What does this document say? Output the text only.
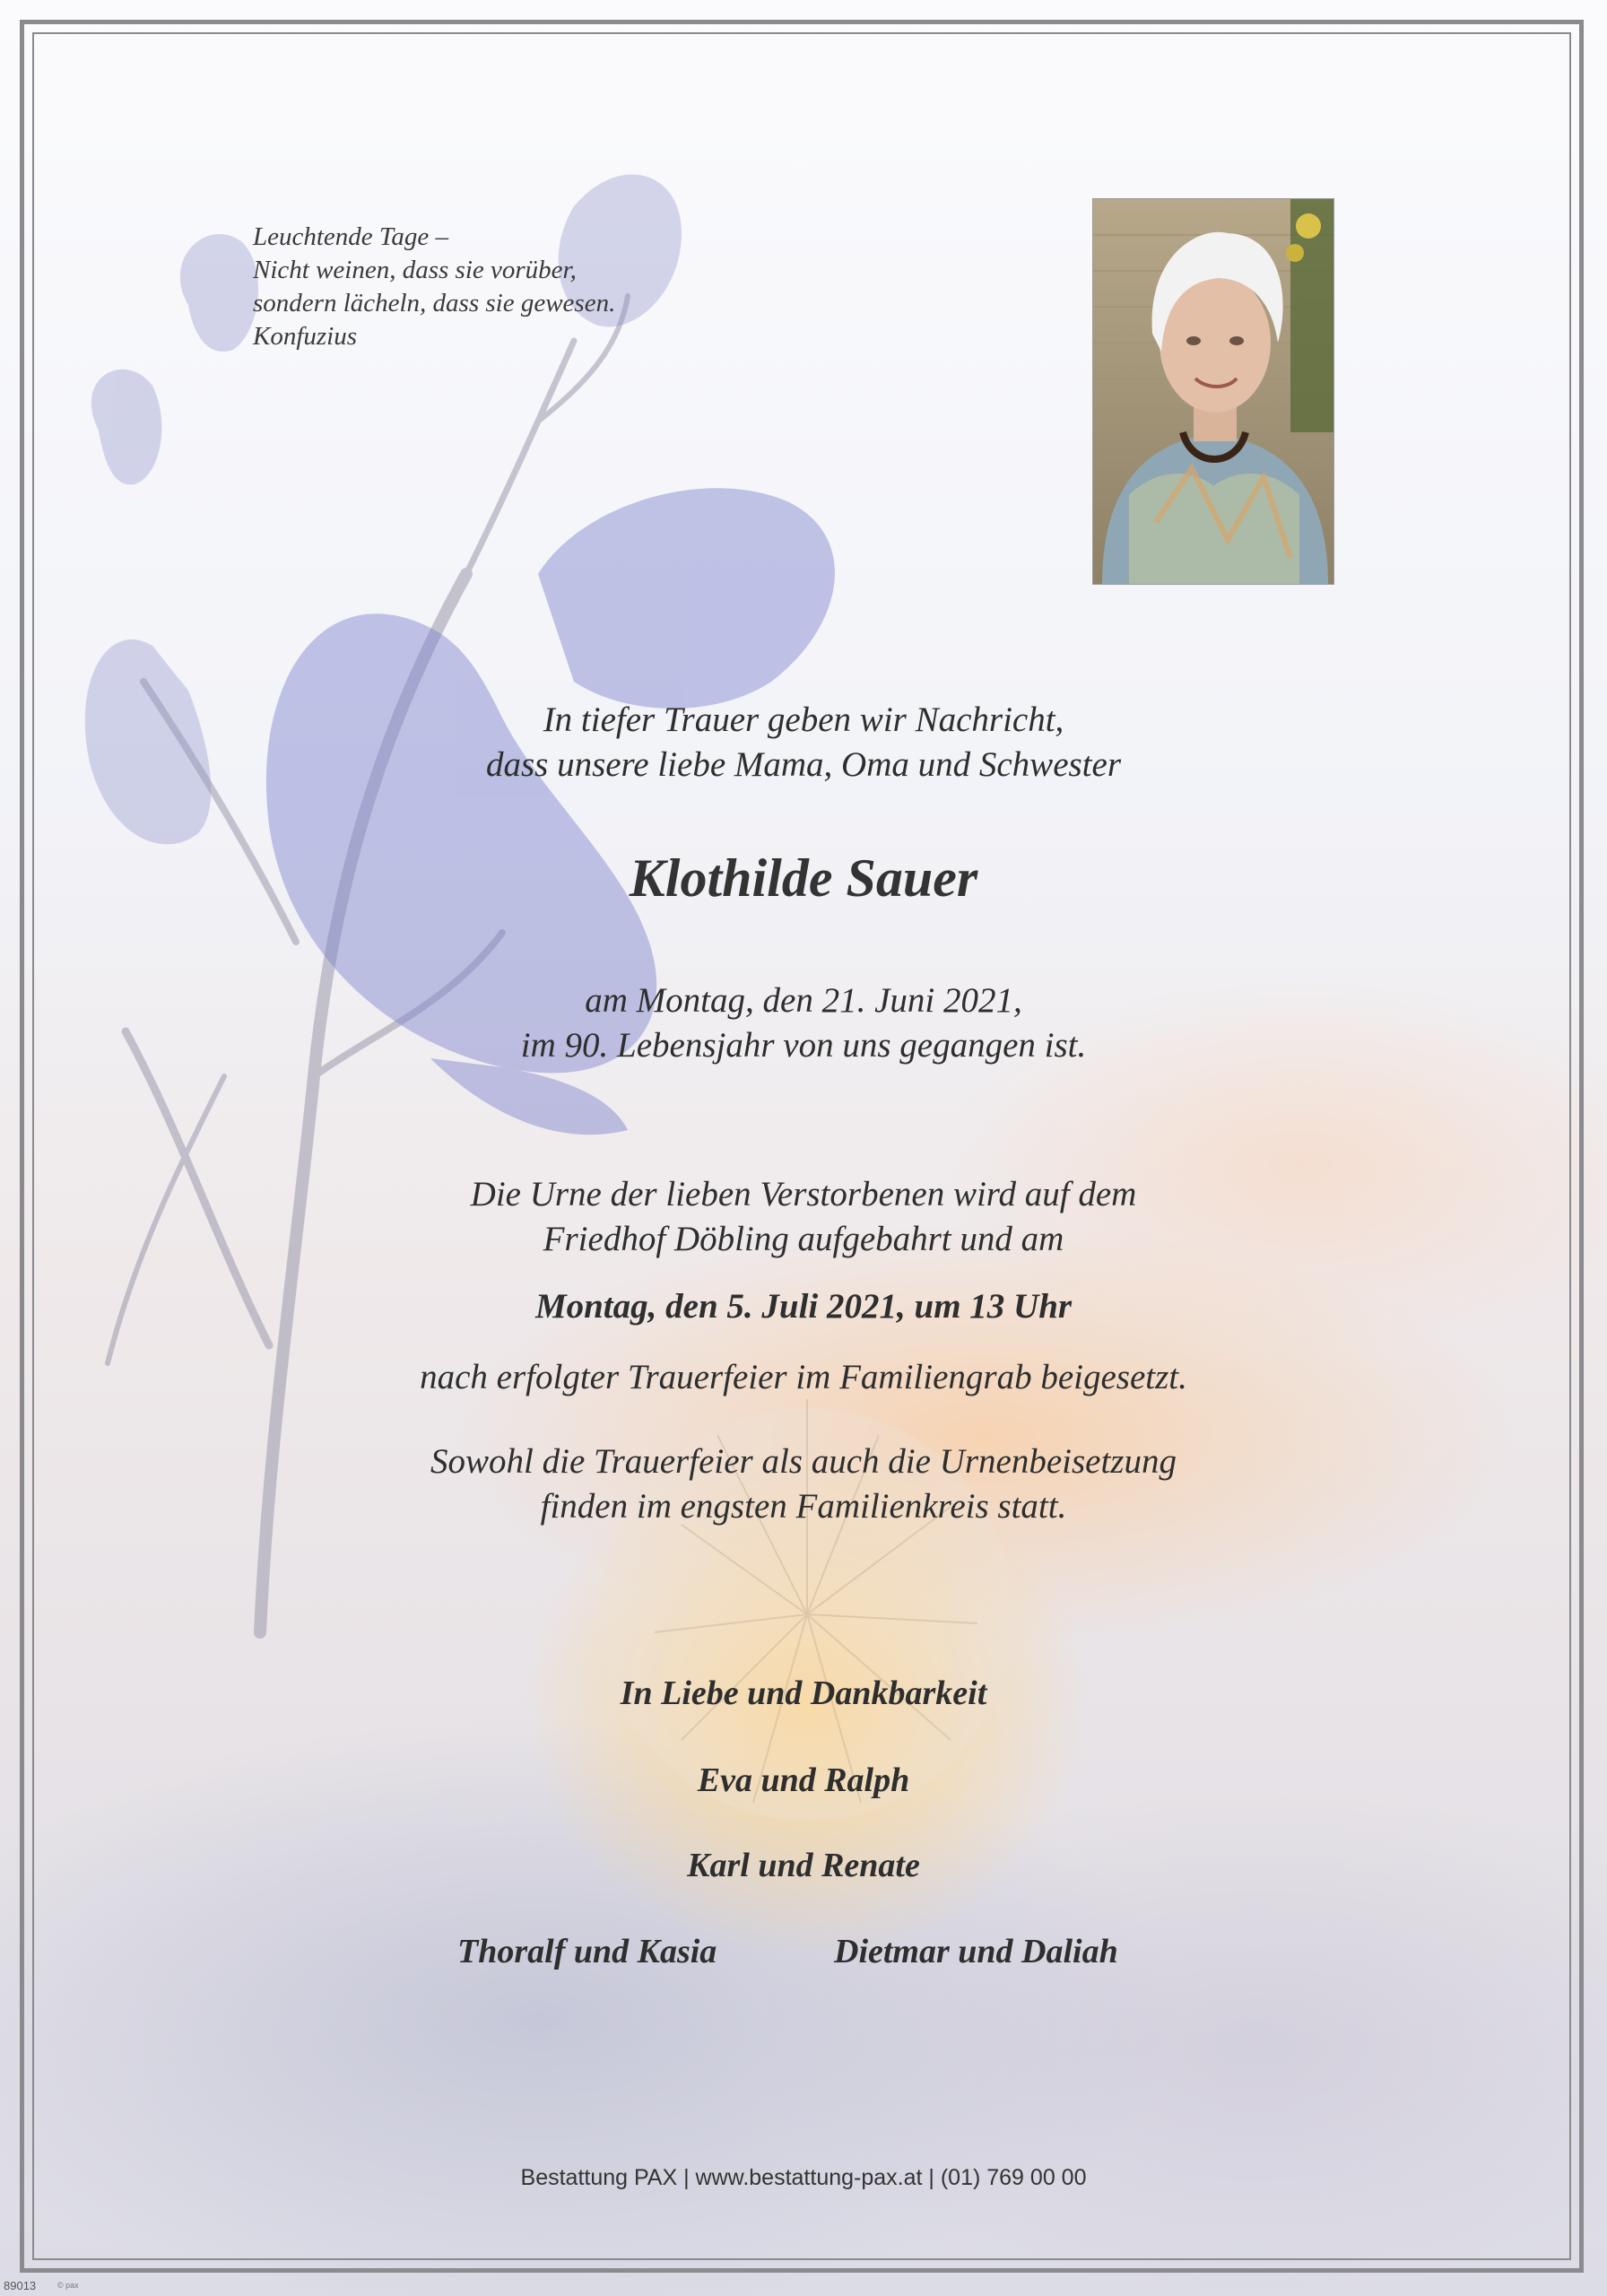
Leuchtende Tage –
Nicht weinen, dass sie vorüber,
sondern lächeln, dass sie gewesen.
Konfuzius
In tiefer Trauer geben wir Nachricht,
dass unsere liebe Mama, Oma und Schwester
Klothilde Sauer
am Montag, den 21. Juni 2021,
im 90. Lebensjahr von uns gegangen ist.
Die Urne der lieben Verstorbenen wird auf dem
Friedhof Döbling aufgebahrt und am
Montag, den 5. Juli 2021, um 13 Uhr
nach erfolgter Trauerfeier im Familiengrab beigesetzt.
Sowohl die Trauerfeier als auch die Urnenbeisetzung
finden im engsten Familienkreis statt.
In Liebe und Dankbarkeit
Eva und Ralph
Karl und Renate
Thoralf und Kasia	Dietmar und Daliah
Bestattung PAX | www.bestattung-pax.at | (01) 769 00 00
89013	© pax
